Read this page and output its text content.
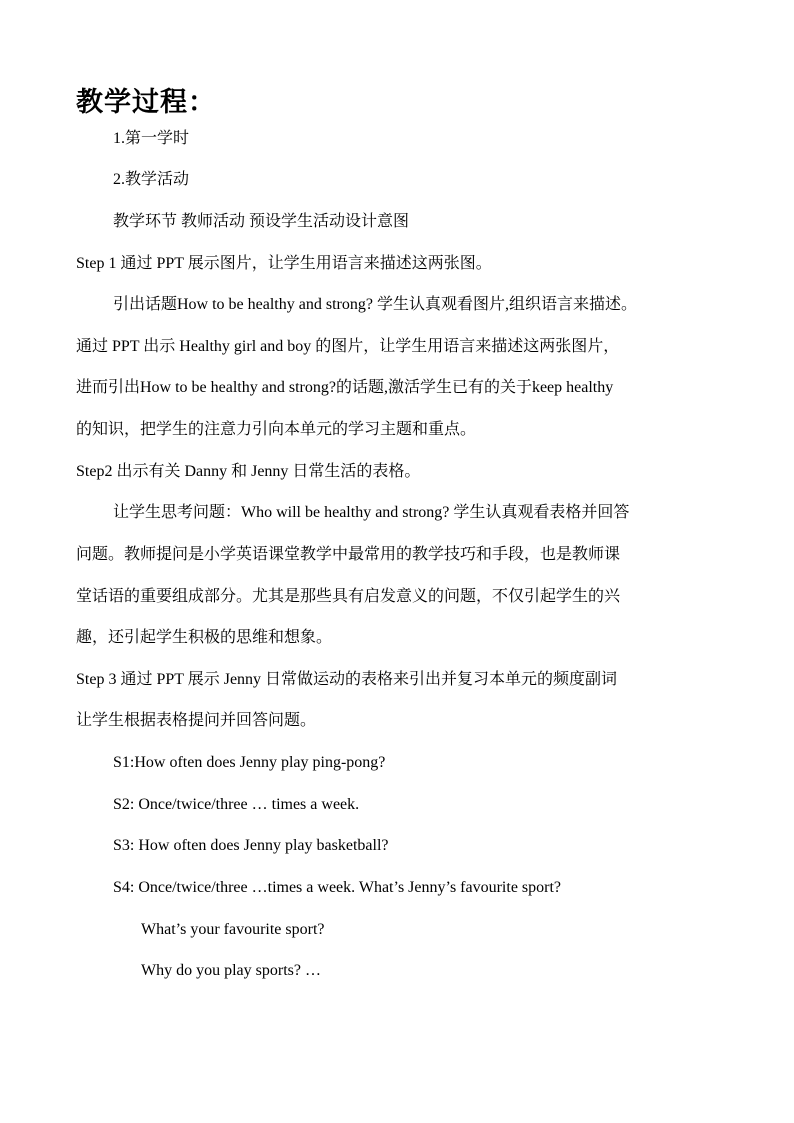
教学过程：
1.第一学时
2.教学活动
教学环节 教师活动 预设学生活动设计意图
Step 1 通过 PPT 展示图片，让学生用语言来描述这两张图。
引出话题How to be healthy and strong? 学生认真观看图片,组织语言来描述。
通过 PPT 出示 Healthy girl and boy 的图片，让学生用语言来描述这两张图片，
进而引出How to be healthy and strong?的话题,激活学生已有的关于keep healthy
的知识，把学生的注意力引向本单元的学习主题和重点。
Step2 出示有关 Danny 和 Jenny 日常生活的表格。
让学生思考问题：Who will be healthy and strong? 学生认真观看表格并回答
问题。教师提问是小学英语课堂教学中最常用的教学技巧和手段，也是教师课
堂话语的重要组成部分。尤其是那些具有启发意义的问题，不仅引起学生的兴
趣，还引起学生积极的思维和想象。
Step 3 通过 PPT 展示 Jenny 日常做运动的表格来引出并复习本单元的频度副词
让学生根据表格提问并回答问题。
S1:How often does Jenny play ping-pong?
S2: Once/twice/three … times a week.
S3: How often does Jenny play basketball?
S4: Once/twice/three …times a week. What’s Jenny’s favourite sport?
What’s your favourite sport?
Why do you play sports? …
